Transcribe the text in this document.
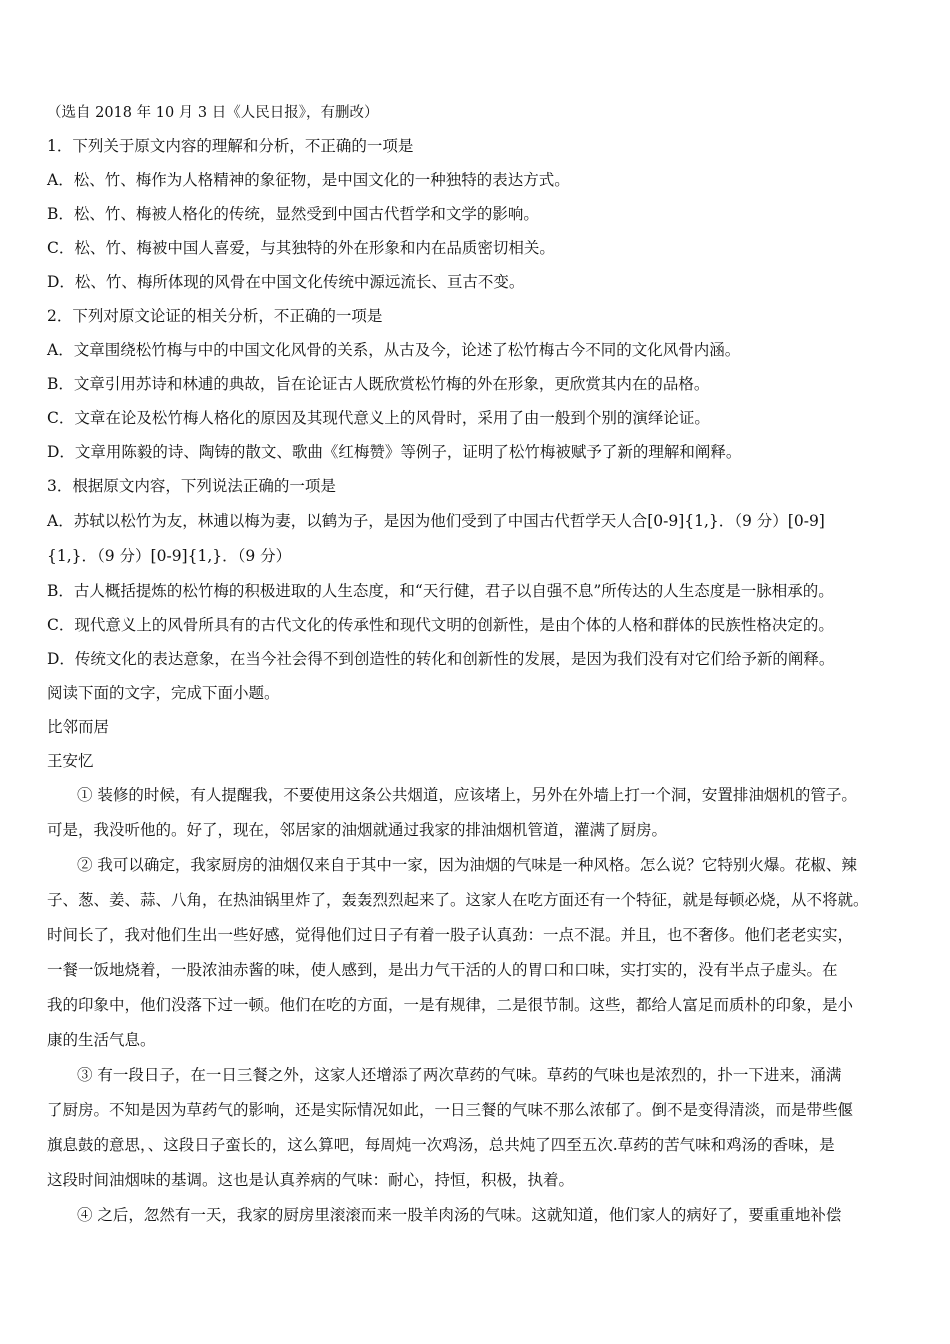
（选自 2018 年 10 月 3 日《人民日报》，有删改）
1．下列关于原文内容的理解和分析，不正确的一项是
A．松、竹、梅作为人格精神的象征物，是中国文化的一种独特的表达方式。
B．松、竹、梅被人格化的传统，显然受到中国古代哲学和文学的影响。
C．松、竹、梅被中国人喜爱，与其独特的外在形象和内在品质密切相关。
D．松、竹、梅所体现的风骨在中国文化传统中源远流长、亘古不变。
2．下列对原文论证的相关分析，不正确的一项是
A．文章围绕松竹梅与中的中国文化风骨的关系，从古及今，论述了松竹梅古今不同的文化风骨内涵。
B．文章引用苏诗和林逋的典故，旨在论证古人既欣赏松竹梅的外在形象，更欣赏其内在的品格。
C．文章在论及松竹梅人格化的原因及其现代意义上的风骨时，采用了由一般到个别的演绎论证。
D．文章用陈毅的诗、陶铸的散文、歌曲《红梅赞》等例子，证明了松竹梅被赋予了新的理解和阐释。
3．根据原文内容，下列说法正确的一项是
A．苏轼以松竹为友，林逋以梅为妻，以鹤为子，是因为他们受到了中国古代哲学天人合[0-9]{1,}．（9 分）[0-9]
{1,}．（9 分）[0-9]{1,}．（9 分）
B．古人概括提炼的松竹梅的积极进取的人生态度，和“天行健，君子以自强不息”所传达的人生态度是一脉相承的。
C．现代意义上的风骨所具有的古代文化的传承性和现代文明的创新性，是由个体的人格和群体的民族性格决定的。
D．传统文化的表达意象，在当今社会得不到创造性的转化和创新性的发展，是因为我们没有对它们给予新的阐释。
阅读下面的文字，完成下面小题。
比邻而居
王安忆
① 装修的时候，有人提醒我，不要使用这条公共烟道，应该堵上，另外在外墙上打一个洞，安置排油烟机的管子。
可是，我没听他的。好了，现在，邻居家的油烟就通过我家的排油烟机管道，灌满了厨房。
② 我可以确定，我家厨房的油烟仅来自于其中一家，因为油烟的气味是一种风格。怎么说？它特别火爆。花椒、辣
子、葱、姜、蒜、八角，在热油锅里炸了，轰轰烈烈起来了。这家人在吃方面还有一个特征，就是每顿必烧，从不将就。
时间长了，我对他们生出一些好感，觉得他们过日子有着一股子认真劲：一点不混。并且，也不奢侈。他们老老实实，
一餐一饭地烧着，一股浓油赤酱的味，使人感到，是出力气干活的人的胃口和口味，实打实的，没有半点子虚头。在
我的印象中，他们没落下过一顿。他们在吃的方面，一是有规律，二是很节制。这些，都给人富足而质朴的印象，是小
康的生活气息。
③ 有一段日子，在一日三餐之外，这家人还增添了两次草药的气味。草药的气味也是浓烈的，扑一下进来，涌满
了厨房。不知是因为草药气的影响，还是实际情况如此，一日三餐的气味不那么浓郁了。倒不是变得清淡，而是带些偃
旗息鼓的意思，、这段日子蛮长的，这么算吧，每周炖一次鸡汤，总共炖了四至五次.草药的苦气味和鸡汤的香味，是
这段时间油烟味的基调。这也是认真养病的气味：耐心，持恒，积极，执着。
④ 之后，忽然有一天，我家的厨房里滚滚而来一股羊肉汤的气味。这就知道，他们家人的病好了，要重重地补偿
